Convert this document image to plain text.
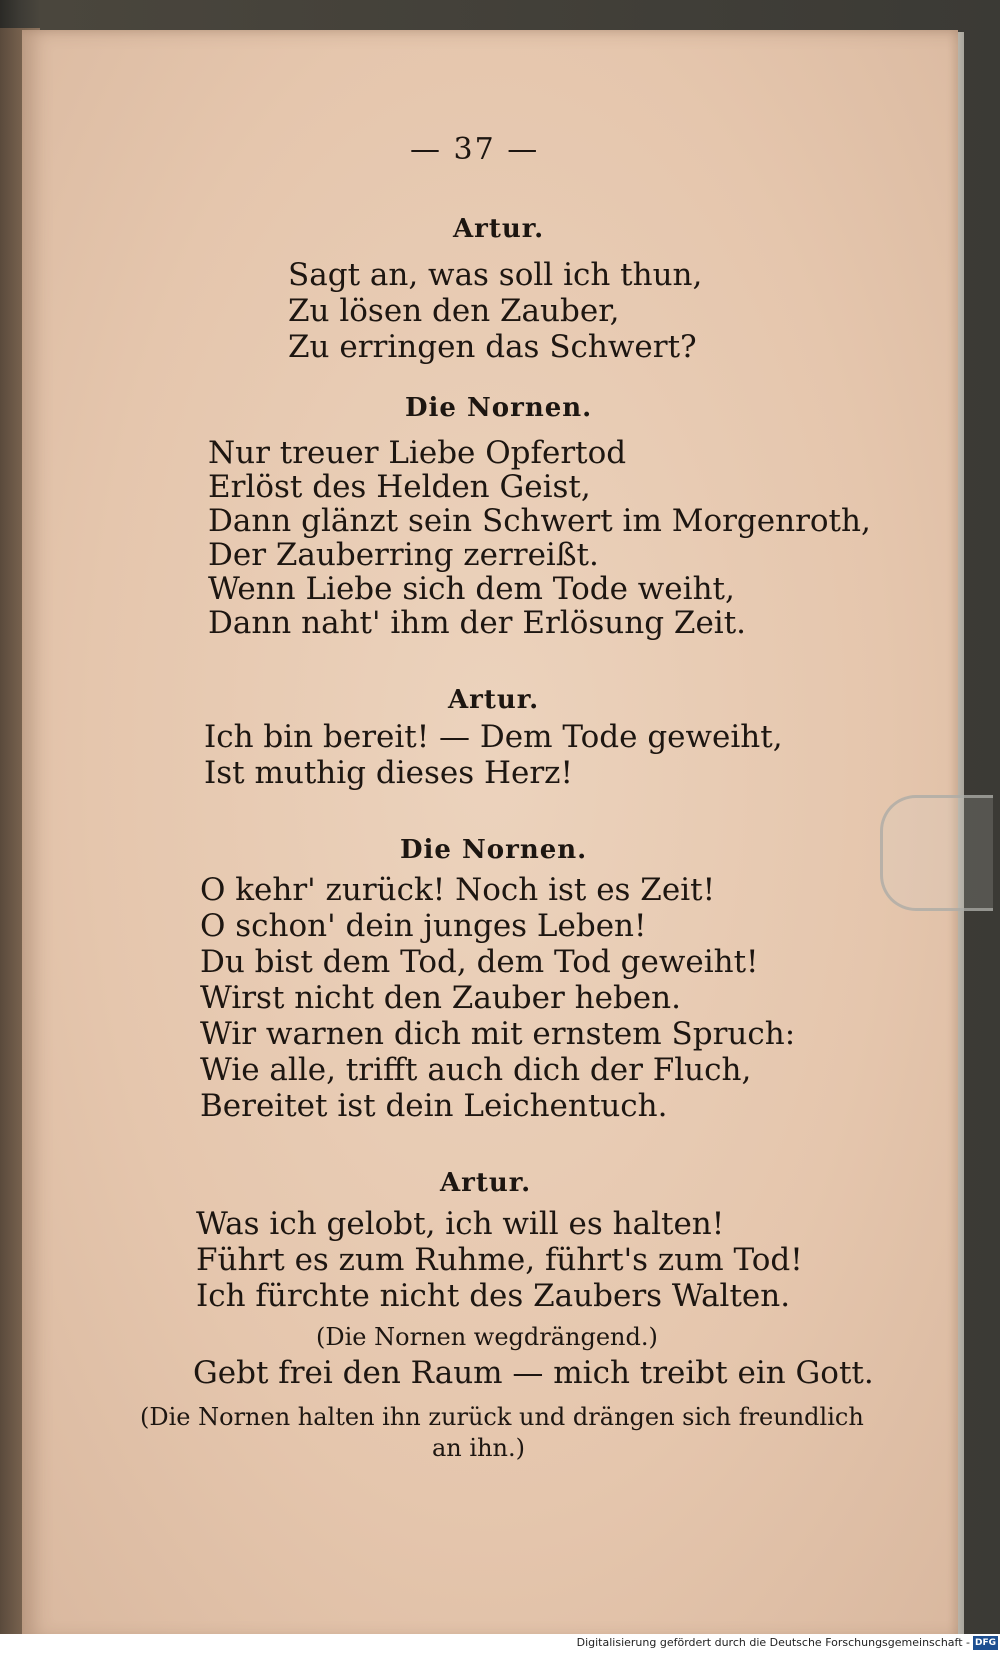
— 37 —
Artur.
Sagt an, was soll ich thun,
Zu lösen den Zauber,
Zu erringen das Schwert?
Die Nornen.
Nur treuer Liebe Opfertod
Erlöst des Helden Geist,
Dann glänzt sein Schwert im Morgenroth,
Der Zauberring zerreißt.
Wenn Liebe sich dem Tode weiht,
Dann naht' ihm der Erlösung Zeit.
Artur.
Ich bin bereit! — Dem Tode geweiht,
Ist muthig dieses Herz!
Die Nornen.
O kehr' zurück! Noch ist es Zeit!
O schon' dein junges Leben!
Du bist dem Tod, dem Tod geweiht!
Wirst nicht den Zauber heben.
Wir warnen dich mit ernstem Spruch:
Wie alle, trifft auch dich der Fluch,
Bereitet ist dein Leichentuch.
Artur.
Was ich gelobt, ich will es halten!
Führt es zum Ruhme, führt's zum Tod!
Ich fürchte nicht des Zaubers Walten.
(Die Nornen wegdrängend.)
Gebt frei den Raum — mich treibt ein Gott.
(Die Nornen halten ihn zurück und drängen sich freundlich
an ihn.)
Digitalisierung gefördert durch die Deutsche Forschungsgemeinschaft - DFG
